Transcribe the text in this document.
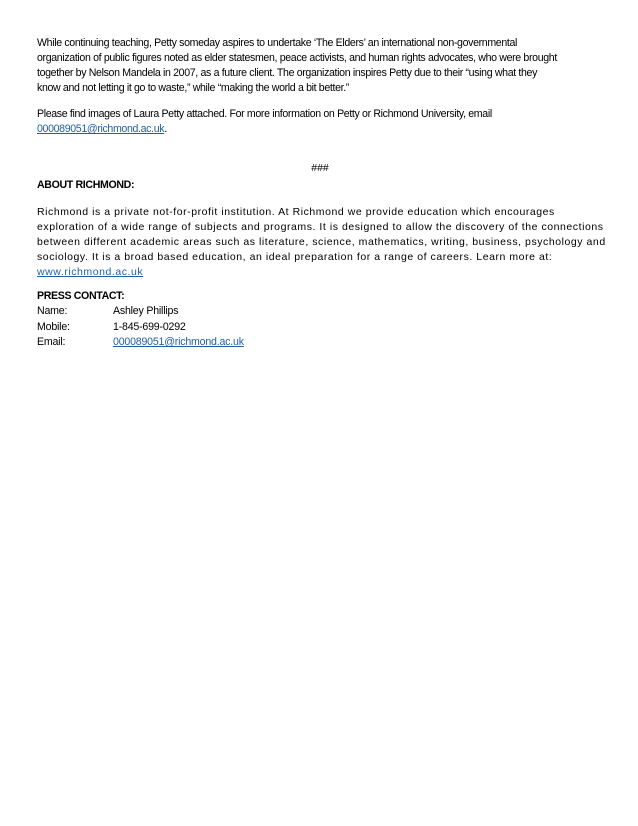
While continuing teaching, Petty someday aspires to undertake ‘The Elders’ an international non-governmental
organization of public figures noted as elder statesmen, peace activists, and human rights advocates, who were brought
together by Nelson Mandela in 2007, as a future client. The organization inspires Petty due to their “using what they
know and not letting it go to waste,” while “making the world a bit better.”

Please find images of Laura Petty attached. For more information on Petty or Richmond University, email
000089051@richmond.ac.uk.

###

ABOUT RICHMOND:

Richmond is a private not-for-profit institution. At Richmond we provide education which encourages
exploration of a wide range of subjects and programs. It is designed to allow the discovery of the connections
between different academic areas such as literature, science, mathematics, writing, business, psychology and
sociology. It is a broad based education, an ideal preparation for a range of careers. Learn more at:
www.richmond.ac.uk

PRESS CONTACT:

Name:	Ashley Phillips
Mobile:	1-845-699-0292
Email:	000089051@richmond.ac.uk
